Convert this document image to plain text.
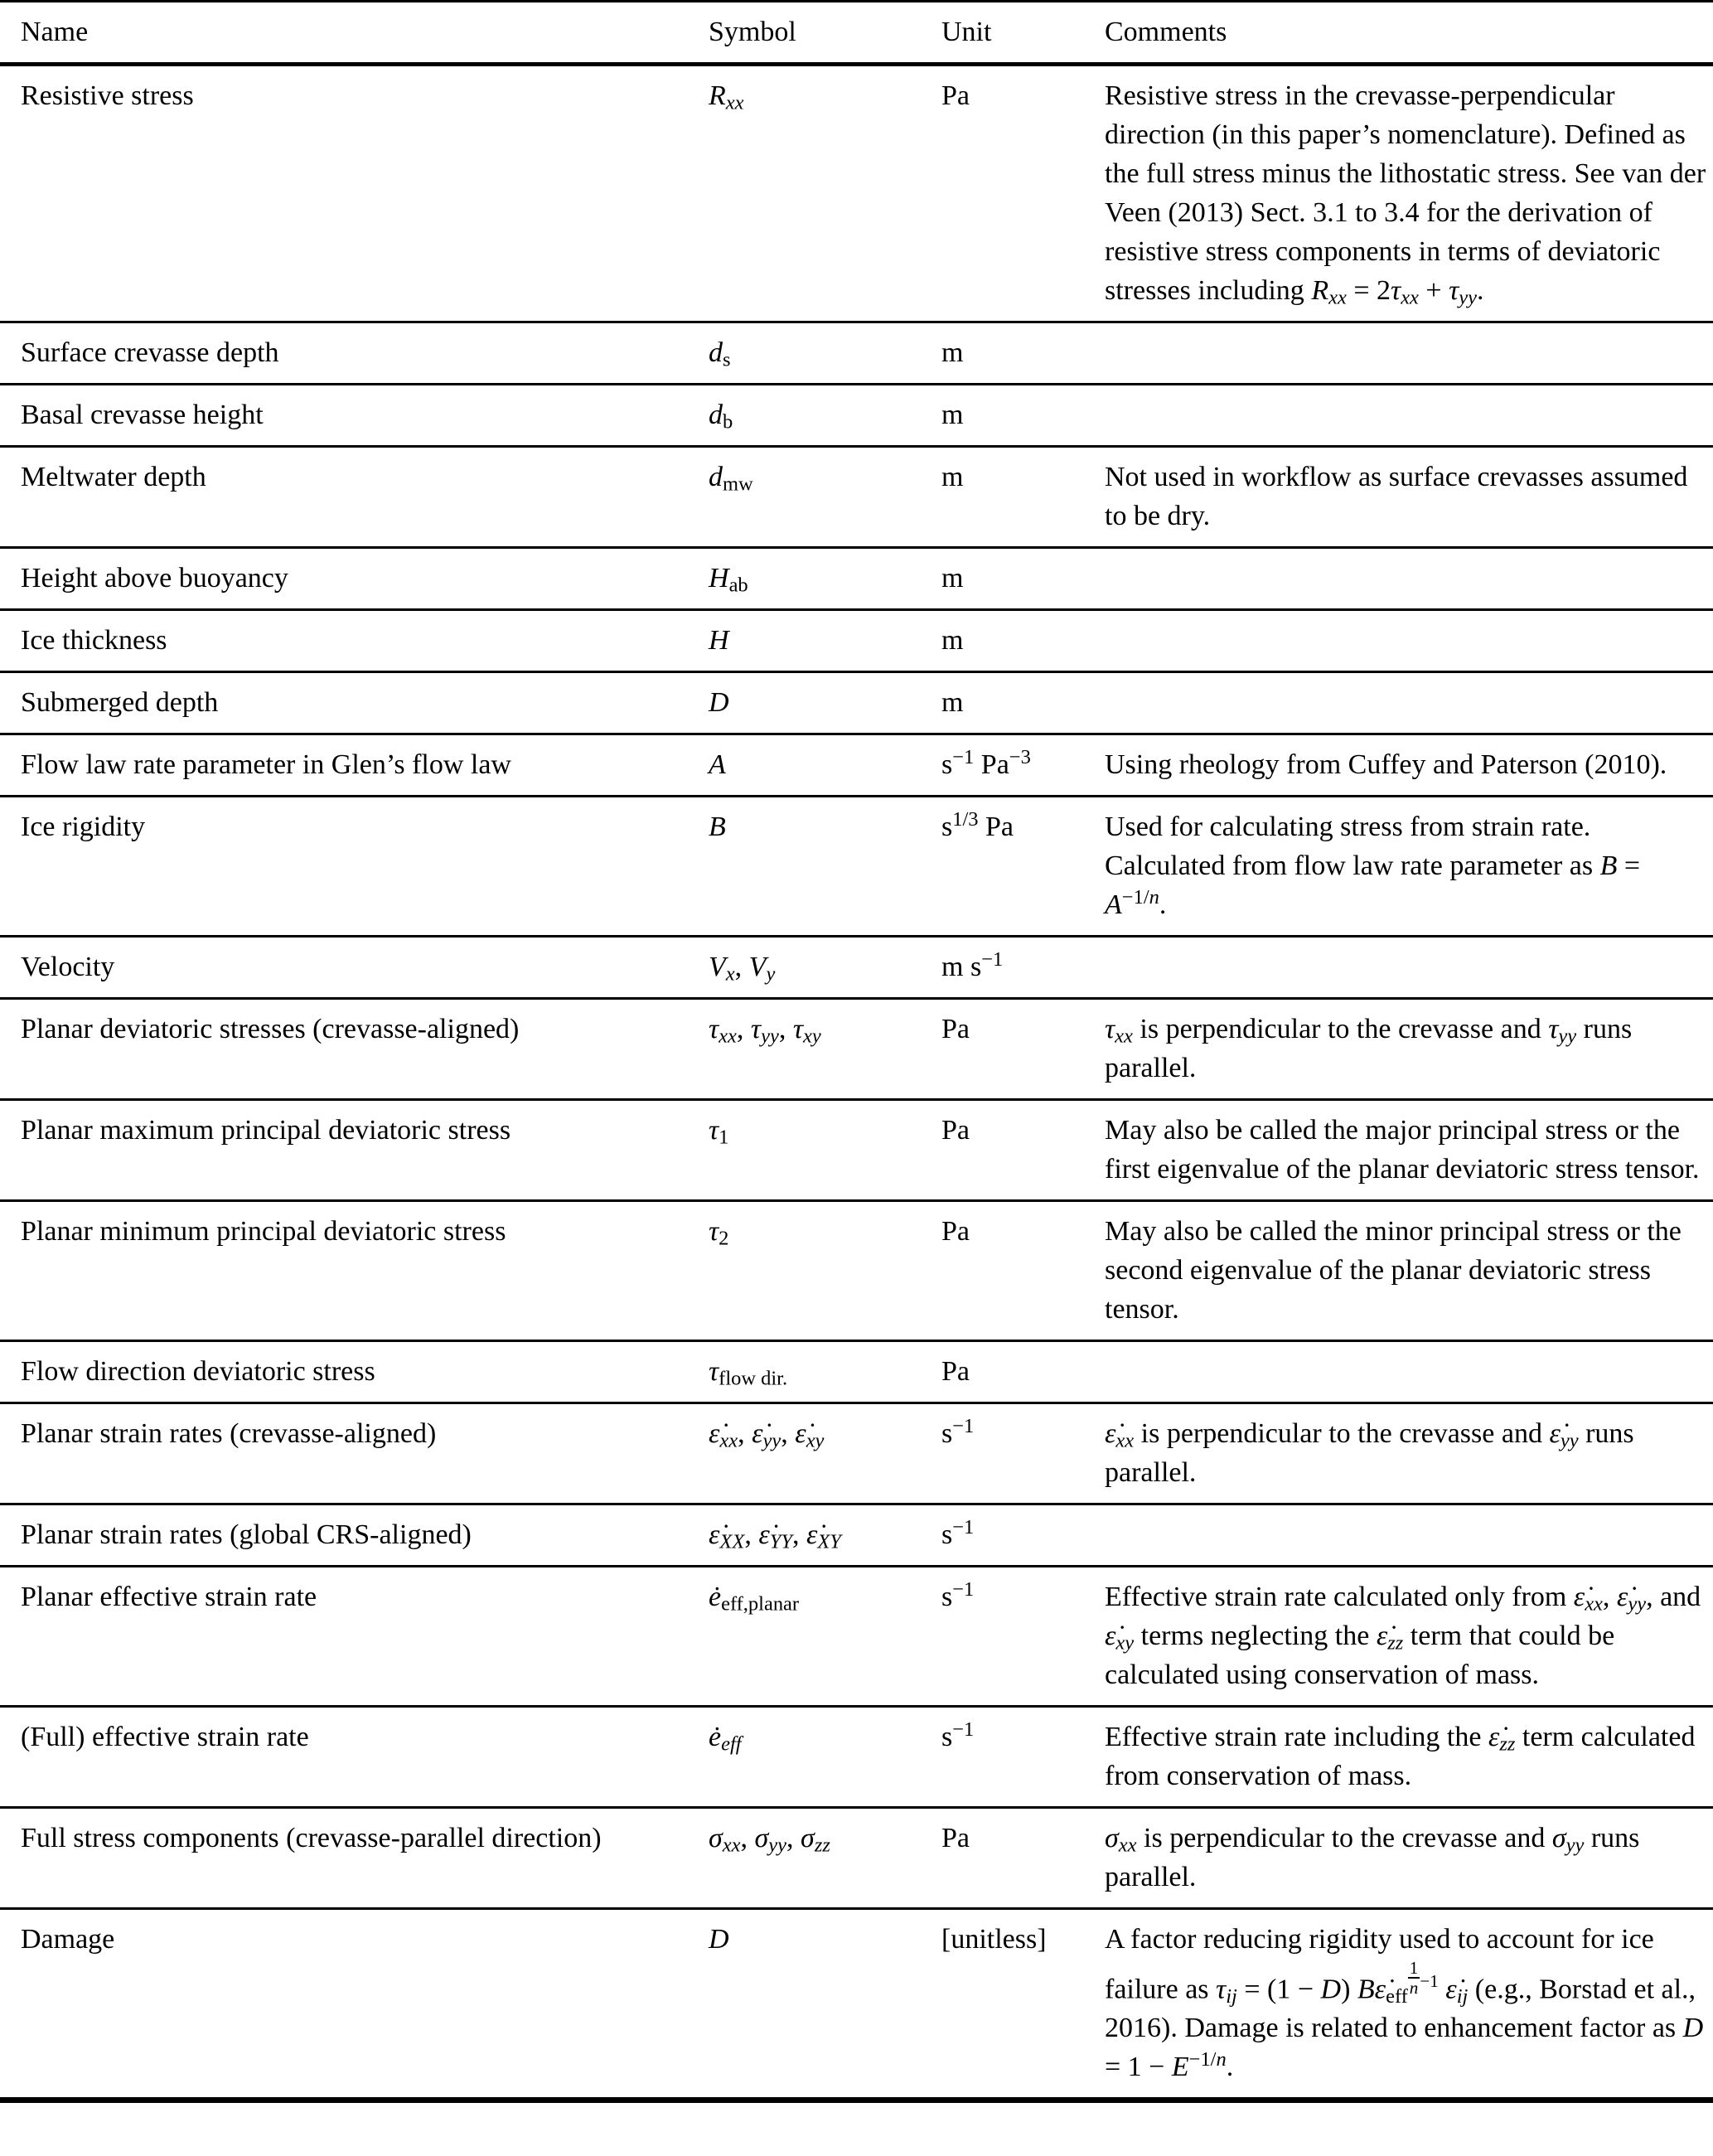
Name	Symbol	Unit	Comments
Resistive stress	$R_{xx}$	Pa	Resistive stress in the crevasse-perpendicular direction (in this paper’s nomenclature). Defined as the full stress minus the lithostatic stress. See van der Veen (2013) Sect. 3.1 to 3.4 for the derivation of resistive stress components in terms of deviatoric stresses including $R_{xx} = 2\tau_{xx} + \tau_{yy}$.
Surface crevasse depth	$d_s$	m	
Basal crevasse height	$d_b$	m	
Meltwater depth	$d_{mw}$	m	Not used in workflow as surface crevasses assumed to be dry.
Height above buoyancy	$H_{ab}$	m	
Ice thickness	H	m	
Submerged depth	D	m	
Flow law rate parameter in Glen’s flow law	A	$s^{-1}$ $Pa^{-3}$	Using rheology from Cuffey and Paterson (2010).
Ice rigidity	B	$s^{1/3}$ Pa	Used for calculating stress from strain rate. Calculated from flow law rate parameter as $B = A^{-1/n}$.
Velocity	$V_x$, $V_y$	m $s^{-1}$	
Planar deviatoric stresses (crevasse-aligned)	$\tau_{xx}$, $\tau_{yy}$, $\tau_{xy}$	Pa	$\tau_{xx}$ is perpendicular to the crevasse and $\tau_{yy}$ runs parallel.
Planar maximum principal deviatoric stress	$\tau_1$	Pa	May also be called the major principal stress or the first eigenvalue of the planar deviatoric stress tensor.
Planar minimum principal deviatoric stress	$\tau_2$	Pa	May also be called the minor principal stress or the second eigenvalue of the planar deviatoric stress tensor.
Flow direction deviatoric stress	$\tau_{flow dir.}$	Pa	
Planar strain rates (crevasse-aligned)	$\varepsiloṅ_{xx}$, $\varepsiloṅ_{yy}$, $\varepsiloṅ_{xy}$	$s^{-1}$	$\varepsiloṅ_{xx}$ is perpendicular to the crevasse and $\varepsiloṅ_{yy}$ runs parallel.
Planar strain rates (global CRS-aligned)	$\varepsiloṅ_{XX}$, $\varepsiloṅ_{YY}$, $\varepsiloṅ_{XY}$	$s^{-1}$	
Planar effective strain rate	$ė_{eff,planar}$	$s^{-1}$	Effective strain rate calculated only from $\varepsiloṅ_{xx}$, $\varepsiloṅ_{yy}$, and $\varepsiloṅ_{xy}$ terms neglecting the $\varepsiloṅ_{zz}$ term that could be calculated using conservation of mass.
(Full) effective strain rate	$ė_{eff}$	$s^{-1}$	Effective strain rate including the $\varepsiloṅ_{zz}$ term calculated from conservation of mass.
Full stress components (crevasse-parallel direction)	$\sigma_{xx}$, $\sigma_{yy}$, $\sigma_{zz}$	Pa	$\sigma_{xx}$ is perpendicular to the crevasse and $\sigma_{yy}$ runs parallel.
Damage	D	[unitless]	A factor reducing rigidity used to account for ice failure as $\tau_{ij} = (1 - D)$ $B\varepsiloṅ_{eff}$ $^{\frac{1}{n} -1}$ $\varepsiloṅ_{ij}$ (e.g., Borstad et al., 2016). Damage is related to enhancement factor as $D = 1 - E^{-1/n}$.
